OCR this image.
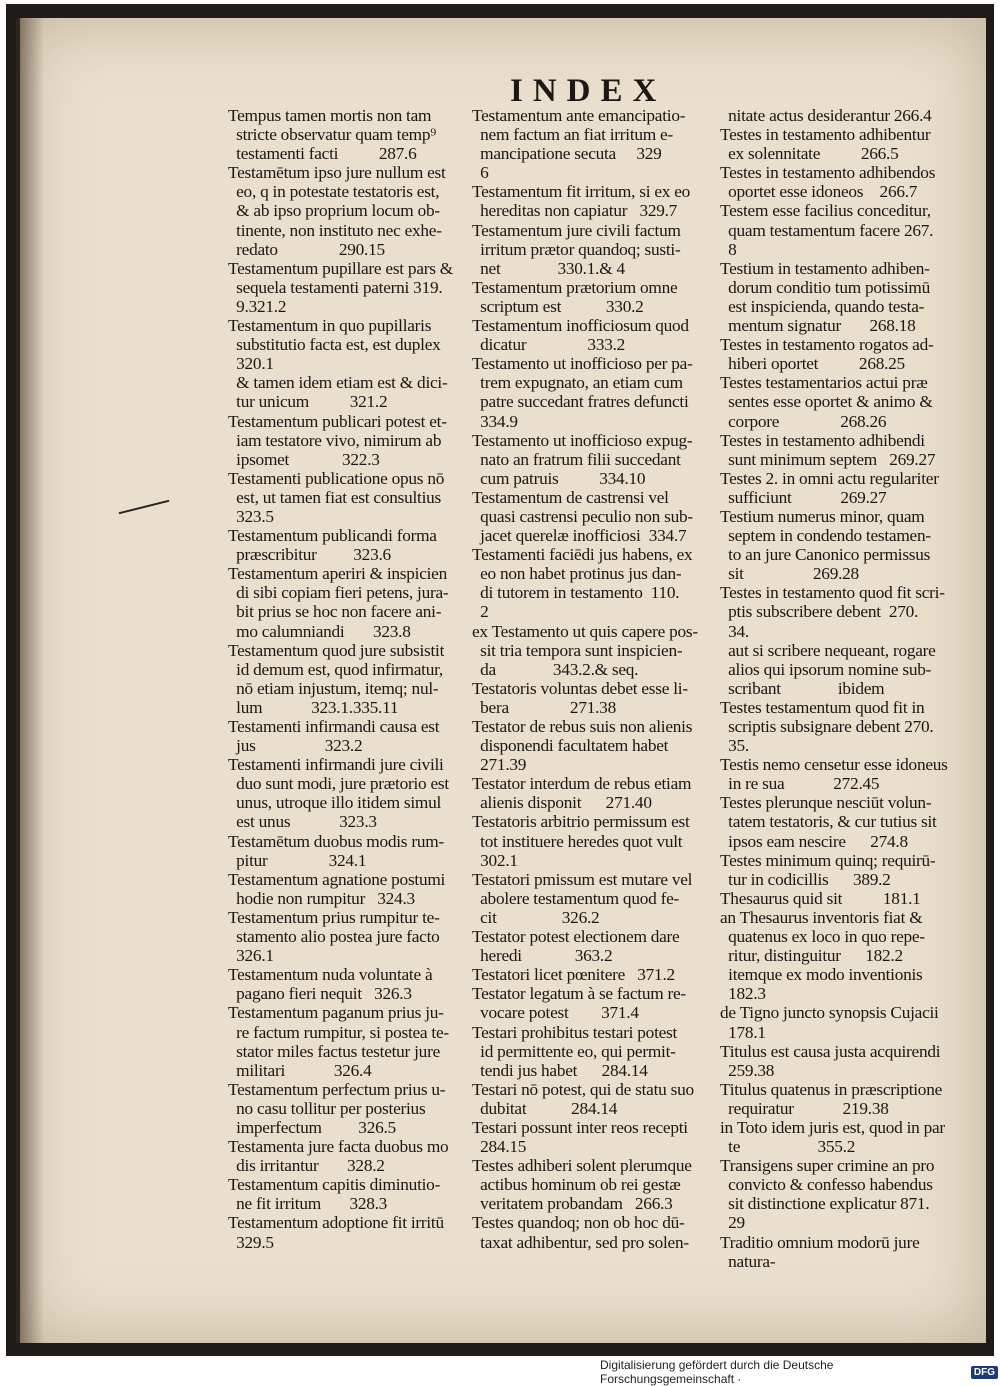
INDEX
Tempus tamen mortis non tam
stricte observatur quam temp⁹
testamenti facti          287.6
Testamētum ipso jure nullum est
eo, q in potestate testatoris est,
& ab ipso proprium locum ob-
tinente, non instituto nec exhe-
redato               290.15
Testamentum pupillare est pars &
sequela testamenti paterni 319.
9.321.2
Testamentum in quo pupillaris
substitutio facta est, est duplex
320.1
& tamen idem etiam est & dici-
tur unicum          321.2
Testamentum publicari potest et-
iam testatore vivo, nimirum ab
ipsomet             322.3
Testamenti publicatione opus nō
est, ut tamen fiat est consultius
323.5
Testamentum publicandi forma
præscribitur         323.6
Testamentum aperiri & inspicien
di sibi copiam fieri petens, jura-
bit prius se hoc non facere ani-
mo calumniandi       323.8
Testamentum quod jure subsistit
id demum est, quod infirmatur,
nō etiam injustum, itemq; nul-
lum            323.1.335.11
Testamenti infirmandi causa est
jus                 323.2
Testamenti infirmandi jure civili
duo sunt modi, jure prætorio est
unus, utroque illo itidem simul
est unus            323.3
Testamētum duobus modis rum-
pitur               324.1
Testamentum agnatione postumi
hodie non rumpitur   324.3
Testamentum prius rumpitur te-
stamento alio postea jure facto
326.1
Testamentum nuda voluntate à
pagano fieri nequit   326.3
Testamentum paganum prius ju-
re factum rumpitur, si postea te-
stator miles factus testetur jure
militari            326.4
Testamentum perfectum prius u-
no casu tollitur per posterius
imperfectum         326.5
Testamenta jure facta duobus mo
dis irritantur       328.2
Testamentum capitis diminutio-
ne fit irritum       328.3
Testamentum adoptione fit irritū
329.5
Testamentum ante emancipatio-
nem factum an fiat irritum e-
mancipatione secuta     329
6
Testamentum fit irritum, si ex eo
hereditas non capiatur   329.7
Testamentum jure civili factum
irritum prætor quandoq; susti-
net              330.1.& 4
Testamentum prætorium omne
scriptum est           330.2
Testamentum inofficiosum quod
dicatur               333.2
Testamento ut inofficioso per pa-
trem expugnato, an etiam cum
patre succedant fratres defuncti
334.9
Testamento ut inofficioso expug-
nato an fratrum filii succedant
cum patruis          334.10
Testamentum de castrensi vel
quasi castrensi peculio non sub-
jacet querelæ inofficiosi  334.7
Testamenti faciēdi jus habens, ex
eo non habet protinus jus dan-
di tutorem in testamento  110.
2
ex Testamento ut quis capere pos-
sit tria tempora sunt inspicien-
da              343.2.& seq.
Testatoris voluntas debet esse li-
bera               271.38
Testator de rebus suis non alienis
disponendi facultatem habet
271.39
Testator interdum de rebus etiam
alienis disponit      271.40
Testatoris arbitrio permissum est
tot instituere heredes quot vult
302.1
Testatori pmissum est mutare vel
abolere testamentum quod fe-
cit                326.2
Testator potest electionem dare
heredi             363.2
Testatori licet pœnitere   371.2
Testator legatum à se factum re-
vocare potest        371.4
Testari prohibitus testari potest
id permittente eo, qui permit-
tendi jus habet      284.14
Testari nō potest, qui de statu suo
dubitat           284.14
Testari possunt inter reos recepti
284.15
Testes adhiberi solent plerumque
actibus hominum ob rei gestæ
veritatem probandam   266.3
Testes quandoq; non ob hoc dū-
taxat adhibentur, sed pro solen-
nitate actus desiderantur 266.4
Testes in testamento adhibentur
ex solennitate          266.5
Testes in testamento adhibendos
oportet esse idoneos    266.7
Testem esse facilius conceditur,
quam testamentum facere 267.
8
Testium in testamento adhiben-
dorum conditio tum potissimū
est inspicienda, quando testa-
mentum signatur       268.18
Testes in testamento rogatos ad-
hiberi oportet          268.25
Testes testamentarios actui præ
sentes esse oportet & animo &
corpore               268.26
Testes in testamento adhibendi
sunt minimum septem   269.27
Testes 2. in omni actu regulariter
sufficiunt            269.27
Testium numerus minor, quam
septem in condendo testamen-
to an jure Canonico permissus
sit                 269.28
Testes in testamento quod fit scri-
ptis subscribere debent  270.
34.
aut si scribere nequeant, rogare
alios qui ipsorum nomine sub-
scribant              ibidem
Testes testamentum quod fit in
scriptis subsignare debent 270.
35.
Testis nemo censetur esse idoneus
in re sua            272.45
Testes plerunque nesciūt volun-
tatem testatoris, & cur tutius sit
ipsos eam nescire      274.8
Testes minimum quinq; requirū-
tur in codicillis      389.2
Thesaurus quid sit          181.1
an Thesaurus inventoris fiat &
quatenus ex loco in quo repe-
ritur, distinguitur      182.2
itemque ex modo inventionis
182.3
de Tigno juncto synopsis Cujacii
178.1
Titulus est causa justa acquirendi
259.38
Titulus quatenus in præscriptione
requiratur            219.38
in Toto idem juris est, quod in par
te                   355.2
Transigens super crimine an pro
convicto & confesso habendus
sit distinctione explicatur 871.
29
Traditio omnium modorū jure
natura-
Digitalisierung gefördert durch die Deutsche Forschungsgemeinschaft ·	DFG
